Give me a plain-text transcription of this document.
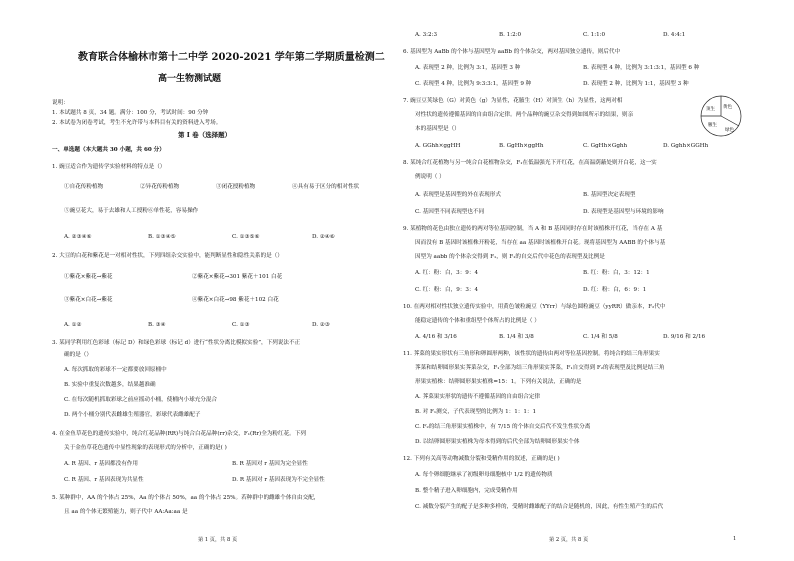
教育联合体榆林市第十二中学 2020-2021 学年第二学期质量检测二
高一生物测试题
说明：
1. 本试题共 8 页，34 题。满分：100 分，考试时间：90 分钟
2. 本试卷为闭卷考试，考生不允许带与本科目有关的资料进入考场。
第 I 卷（选择题）
一、单选题（本大题共 30 小题，共 60 分）
1. 豌豆适合作为遗传学实验材料的特点是（）
①自花传粉植物	②异花传粉植物	③闭花授粉植物	④具有易于区分的相对性状
⑤豌豆花大，易于去雄和人工授粉⑥单性花，容易操作
A. ②③④⑥	B. ①③④⑤	C. ①③⑤⑥	D. ②④⑥
2. 大豆的白花和紫花是一对相对性状，下列四组杂交实验中，能判断显性和隐性关系的是（）
①紫花×紫花→紫花	②紫花×紫花→301 紫花＋101 白花
③紫花×白花→紫花	④紫花×白花→98 紫花＋102 白花
A. ①②	B. ③④	C. ①③	D. ②③
3. 某同学利用红色彩球（标记 D）和绿色彩球（标记 d）进行“性状分离比模拟实验”，下列说法不正
确的是（）
A. 每次抓取的彩球不一定都要放回原桶中
B. 实验中重复次数越多，结果越准确
C. 在每次随机抓取彩球之前应摇动小桶，使桶内小球充分混合
D. 两个小桶分别代表雌雄生殖器官，彩球代表雌雄配子
4. 在金鱼草花色的遗传实验中，纯合红花品种(RR)与纯合白花品种(rr)杂交，F₁(Rr)全为粉红花。下列
关于金鱼草花色遗传中显性现象的表现形式的分析中，正确的是( )
A. R 基因、r 基因都没有作用	B. R 基因对 r 基因为完全显性
C. R 基因、r 基因表现为共显性	D. R 基因对 r 基因表现为不完全显性
5. 某种群中，AA 的个体占 25%，Aa 的个体占 50%，aa 的个体占 25%。若种群中的雌雄个体自由交配，
且 aa 的个体无繁殖能力，则子代中 AA:Aa:aa 是
第 1 页，共 8 页
A. 3:2:3	B. 1:2:0	C. 1:1:0	D. 4:4:1
6. 基因型为 AaBb 的个体与基因型为 aaBb 的个体杂交，两对基因独立遗传，则后代中
A. 表现型 2 种，比例为 3:1，基因型 3 种	B. 表现型 4 种，比例为 3:1:3:1，基因型 6 种
C. 表现型 4 种，比例为 9:3:3:1，基因型 9 种	D. 表现型 2 种，比例为 1:1，基因型 3 种
7. 豌豆豆荚绿色（G）对黄色（g）为显性，花腋生（H）对顶生（h）为显性，这两对相
对性状的遗传遵循基因的自由组合定律。两个品种的豌豆杂交得到如图所示的结果，则亲
本的基因型是（）
A. GGhh×ggHH	B. GgHh×ggHh	C. GgHh×Gghh	D. Gghh×GGHh
顶生 黄色
腋生
绿色
8. 某纯合红花植物与另一纯合白花植物杂交，F₁在低温强光下开红花，在高温荫蔽处则开白花，这一实
例说明（ ）
A. 表现型是基因型的外在表现形式	B. 基因型决定表现型
C. 基因型不同表现型也不同	D. 表现型是基因型与环境的影响
9. 某植物的花色由独立遗传的两对等位基因控制，当 A 和 B 基因同时存在时该植株开红花，当存在 A 基
因而没有 B 基因时该植株开粉花，当存在 aa 基因时该植株开白花。现将基因型为 AABB 的个体与基
因型为 aabb 的个体杂交得到 F₁，则 F₁的自交后代中花色的表现型及比例是
A. 红：粉：白，3：9：4	B. 红：粉：白，3：12：1
C. 红：粉：白，9：3：4	D. 红：粉：白，6：9：1
10. 在两对相对性状独立遗传实验中，用黄色皱粒豌豆（YYrr）与绿色圆粒豌豆（yyRR）做亲本，F₂代中
能稳定遗传的个体和重组型个体所占的比例是（ ）
A. 4/16 和 3/16	B. 1/4 和 3/8	C. 1/4 和 5/8	D. 9/16 和 2/16
11. 荠菜的果实形状有三角形和卵圆形两种，该性状的遗传由两对等位基因控制。将纯合的结三角形果实
荠菜和结卵圆形果实荠菜杂交，F₁全部为结三角形果实荠菜，F₁自交得到 F₂的表现型及比例是结三角
形果实植株：结卵圆形果实植株=15：1。下列有关说法，正确的是
A. 荠菜果实形状的遗传不遵循基因的自由组合定律
B. 对 F₁测交，子代表现型的比例为 1：1：1：1
C. F₂的结三角形果实植株中，有 7/15 的个体自交后代不发生性状分离
D. 以结卵圆形果实植株为母本得到的后代全部为结卵圆形果实个体
12. 下列有关高等动物减数分裂和受精作用的叙述，正确的是( )
A. 每个卵细胞继承了初级卵母细胞核中 1/2 的遗传物质
B. 整个精子进入卵细胞内，完成受精作用
C. 减数分裂产生的配子是多种多样的，受精时雌雄配子的结合是随机的，因此，有性生殖产生的后代
第 2 页，共 8 页	1
